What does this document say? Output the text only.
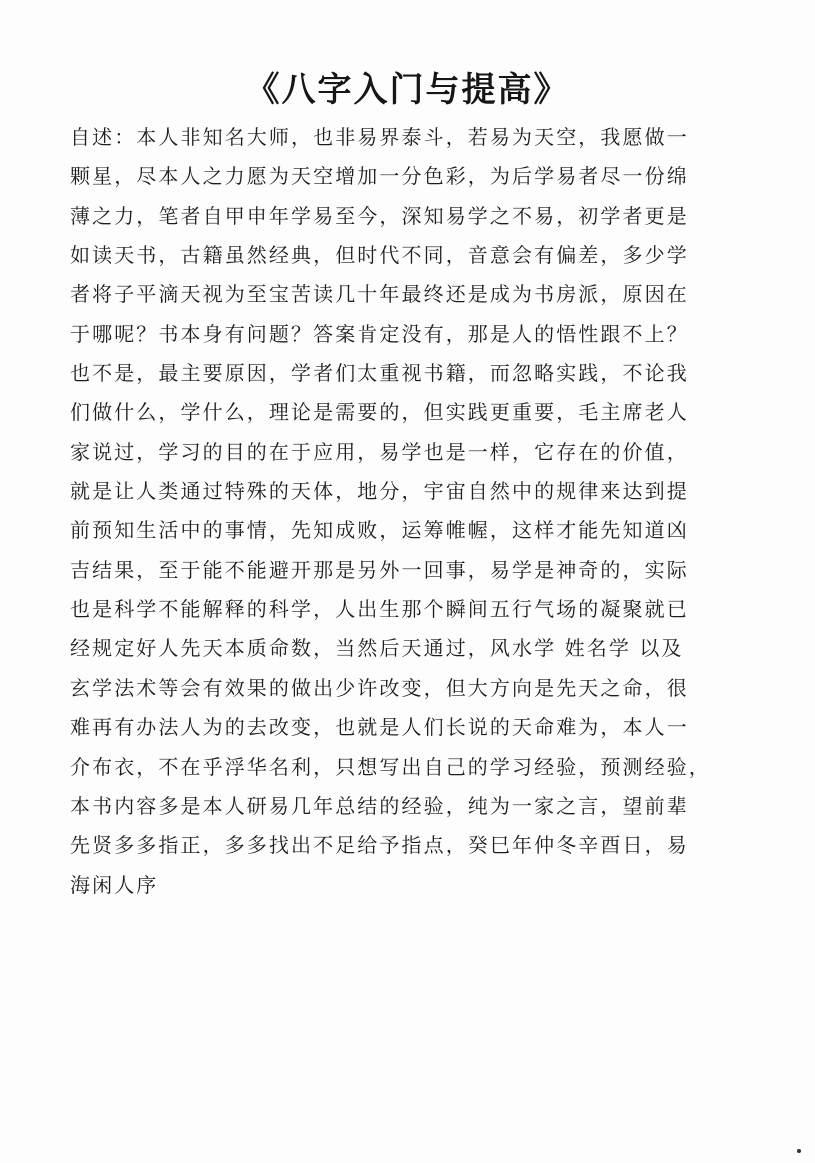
《八字入门与提高》
自述：本人非知名大师，也非易界泰斗，若易为天空，我愿做一
颗星，尽本人之力愿为天空增加一分色彩，为后学易者尽一份绵
薄之力，笔者自甲申年学易至今，深知易学之不易，初学者更是
如读天书，古籍虽然经典，但时代不同，音意会有偏差，多少学
者将子平滴天视为至宝苦读几十年最终还是成为书房派，原因在
于哪呢？书本身有问题？答案肯定没有，那是人的悟性跟不上？
也不是，最主要原因，学者们太重视书籍，而忽略实践，不论我
们做什么，学什么，理论是需要的，但实践更重要，毛主席老人
家说过，学习的目的在于应用，易学也是一样，它存在的价值，
就是让人类通过特殊的天体，地分，宇宙自然中的规律来达到提
前预知生活中的事情，先知成败，运筹帷幄，这样才能先知道凶
吉结果，至于能不能避开那是另外一回事，易学是神奇的，实际
也是科学不能解释的科学，人出生那个瞬间五行气场的凝聚就已
经规定好人先天本质命数，当然后天通过，风水学 姓名学 以及
玄学法术等会有效果的做出少许改变，但大方向是先天之命，很
难再有办法人为的去改变，也就是人们长说的天命难为，本人一
介布衣，不在乎浮华名利，只想写出自己的学习经验，预测经验，
本书内容多是本人研易几年总结的经验，纯为一家之言，望前辈
先贤多多指正，多多找出不足给予指点，癸巳年仲冬辛酉日，易
海闲人序
